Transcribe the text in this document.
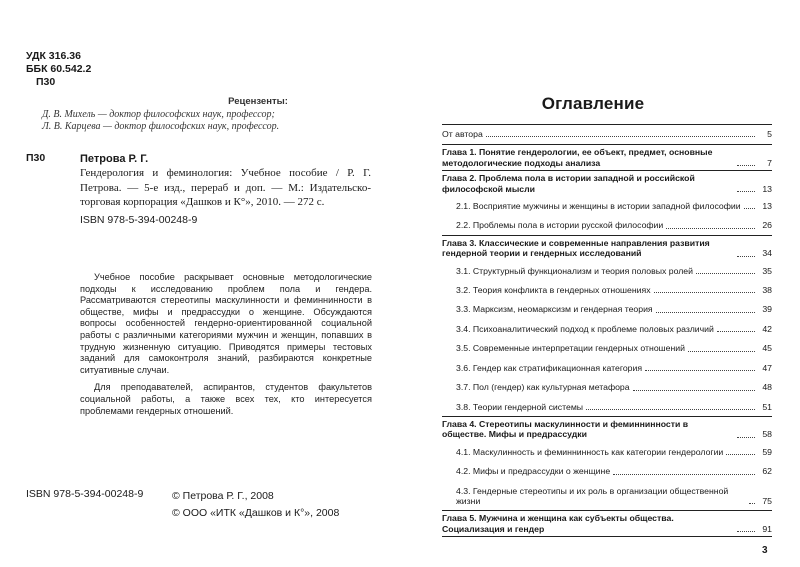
УДК 316.36
ББК 60.542.2
П30
Рецензенты:
Д. В. Михель — доктор философских наук, профессор;
Л. В. Карцева — доктор философских наук, профессор.
П30	Петрова Р. Г.
Гендерология и феминология: Учебное пособие / Р. Г. Петрова. — 5-е изд., перераб и доп. — М.: Издательско-торговая корпорация «Дашков и К°», 2010. — 272 с.
ISBN 978-5-394-00248-9

Учебное пособие раскрывает основные методологические подходы к исследованию проблем пола и гендера. Рассматриваются стереотипы маскулинности и феминнинности в обществе, мифы и предрассудки о женщине. Обсуждаются вопросы особенностей гендерно-ориентированной социальной работы с различными категориями мужчин и женщин, попавших в трудную жизненную ситуацию. Приводятся примеры тестовых заданий для самоконтроля знаний, разбираются конкретные ситуативные случаи.

Для преподавателей, аспирантов, студентов факультетов социальной работы, а также всех тех, кто интересуется проблемами гендерных отношений.

ISBN 978-5-394-00248-9	© Петрова Р. Г., 2008
© ООО «ИТК «Дашков и К°», 2008
Оглавление
От автора	5
Глава 1. Понятие гендерологии, ее объект, предмет, основные методологические подходы анализа	7
Глава 2. Проблема пола в истории западной и российской философской мысли	13
2.1. Восприятие мужчины и женщины в истории западной философии	13
2.2. Проблемы пола в истории русской философии	26
Глава 3. Классические и современные направления развития гендерной теории и гендерных исследований	34
3.1. Структурный функционализм и теория половых ролей	35
3.2. Теория конфликта в гендерных отношениях	38
3.3. Марксизм, неомарксизм и гендерная теория	39
3.4. Психоаналитический подход к проблеме половых различий	42
3.5. Современные интерпретации гендерных отношений	45
3.6. Гендер как стратификационная категория	47
3.7. Пол (гендер) как культурная метафора	48
3.8. Теории гендерной системы	51
Глава 4. Стереотипы маскулинности и феминнинности в обществе. Мифы и предрассудки	58
4.1. Маскулинность и феминнинность как категории гендерологии	59
4.2. Мифы и предрассудки о женщине	62
4.3. Гендерные стереотипы и их роль в организации общественной жизни	75
Глава 5. Мужчина и женщина как субъекты общества. Социализация и гендер	91
3
